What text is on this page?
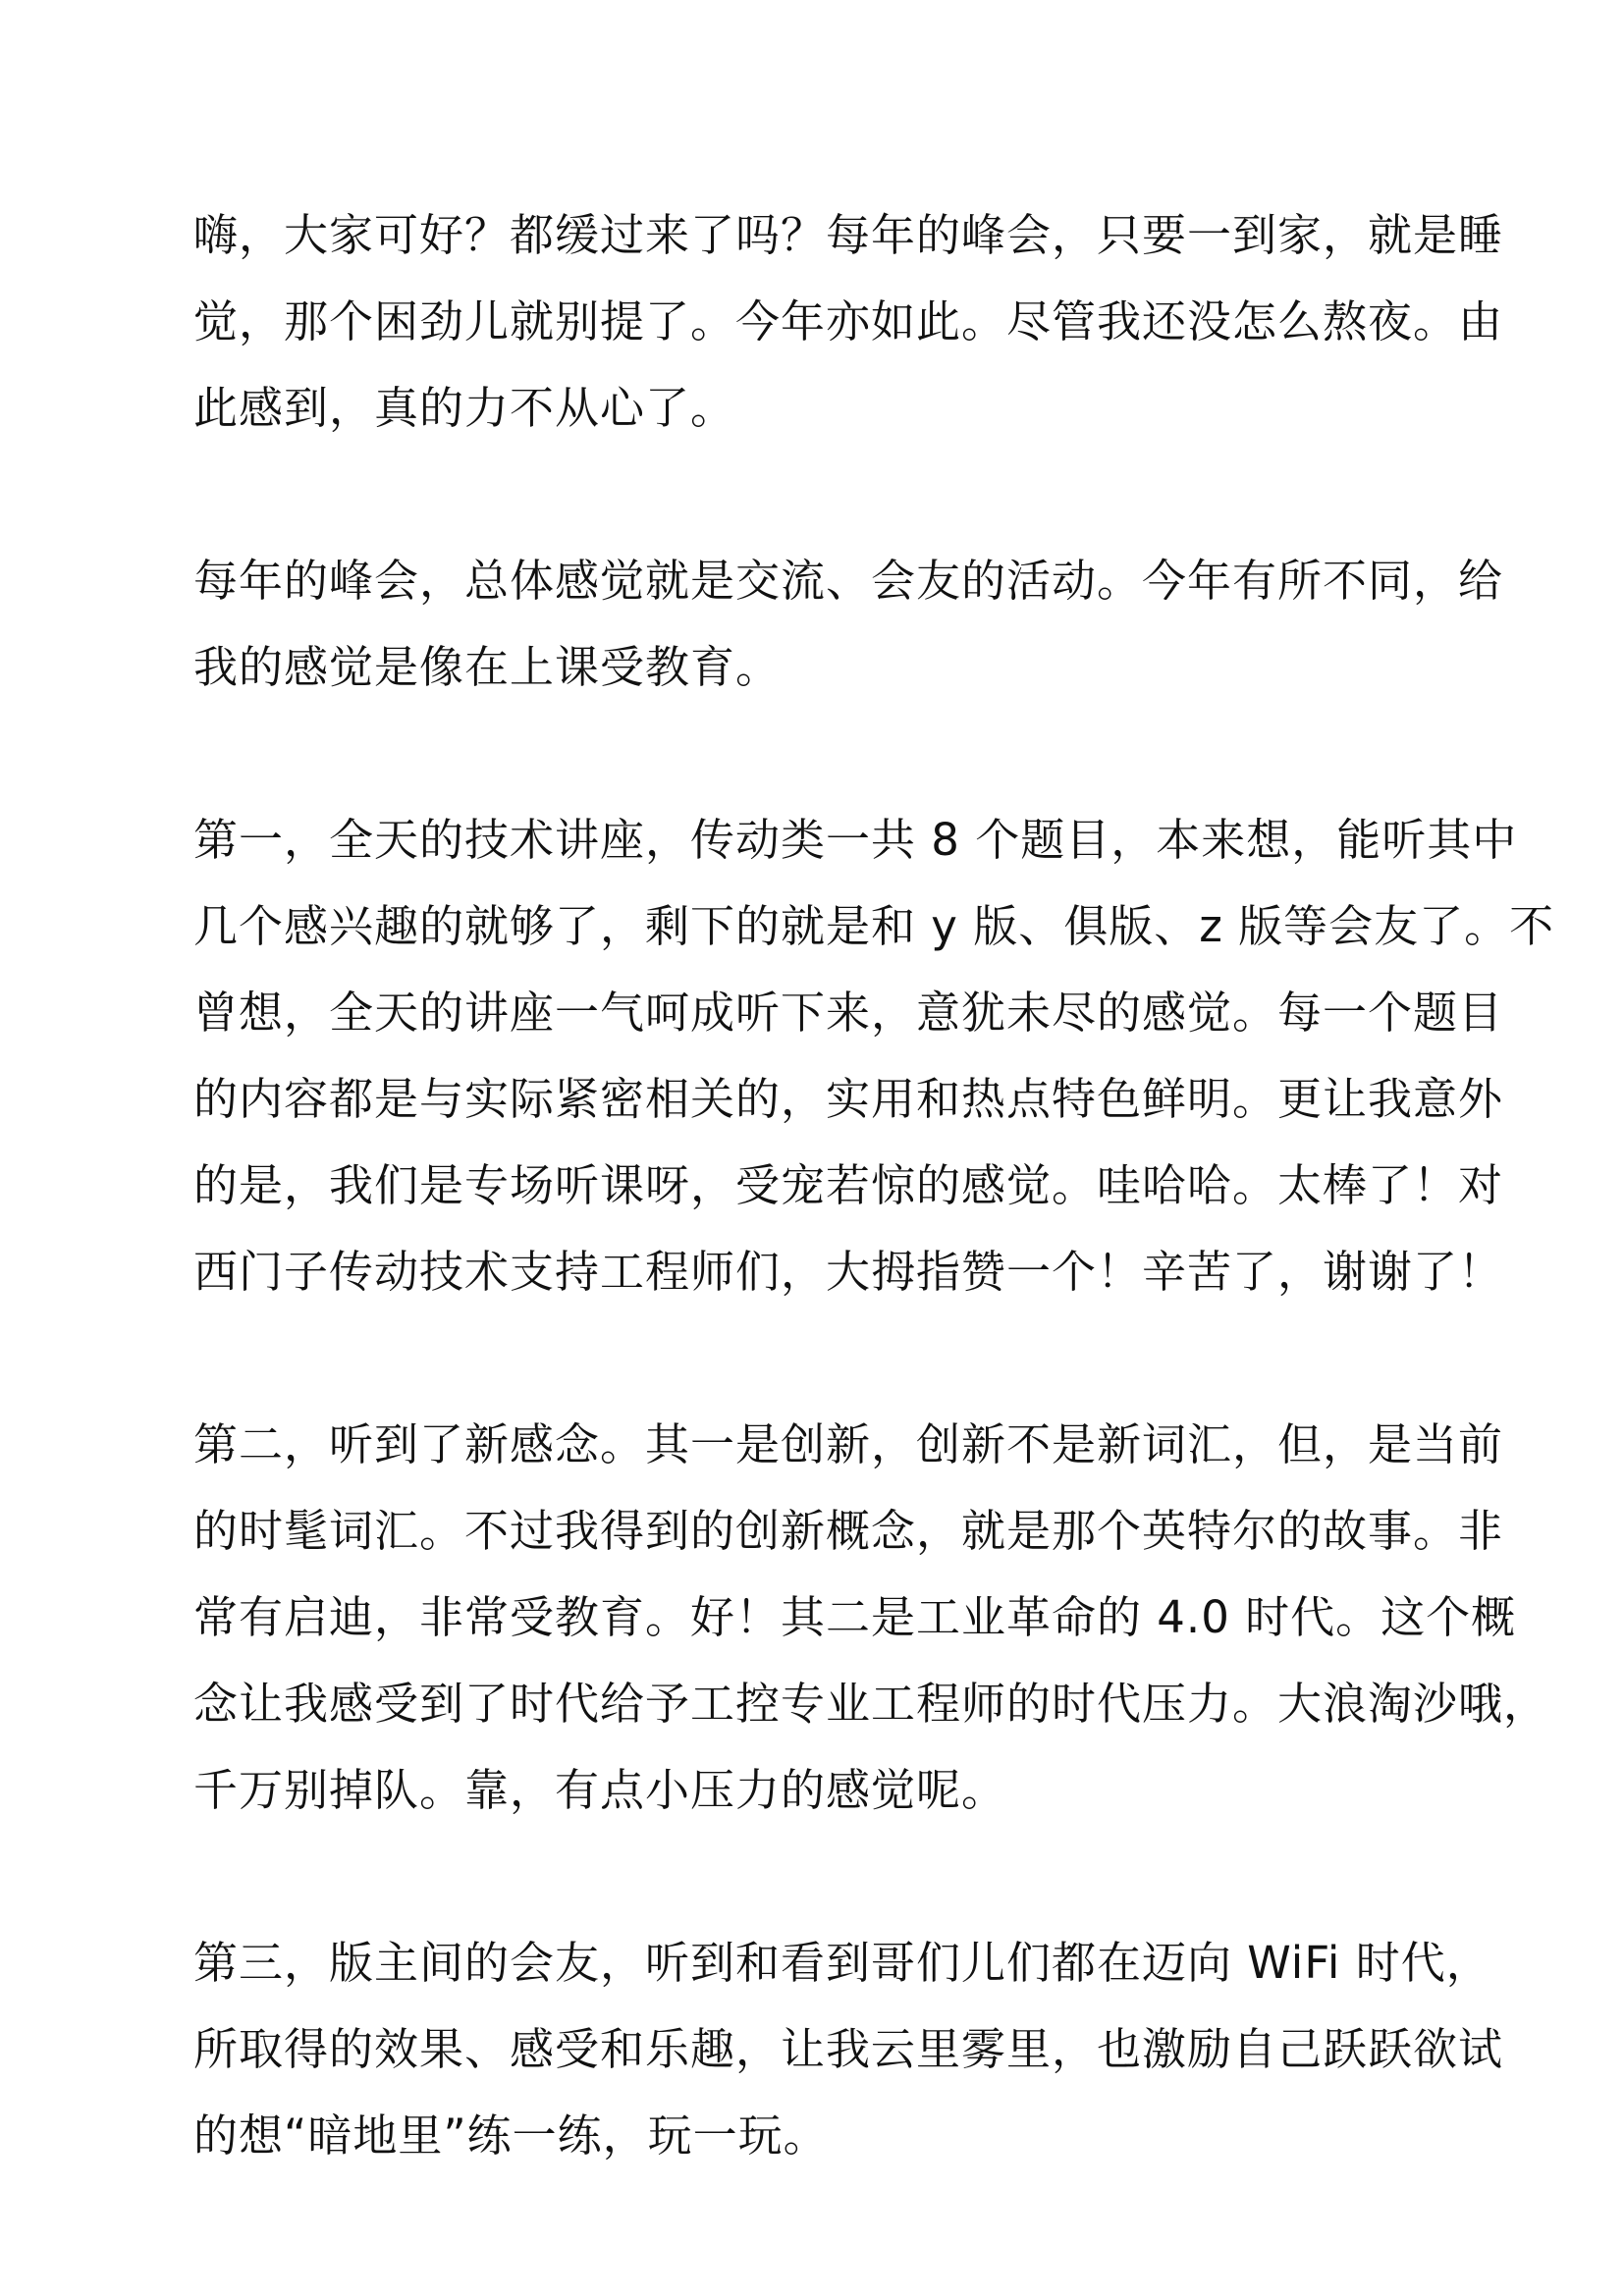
嗨，大家可好？都缓过来了吗？每年的峰会，只要一到家，就是睡
觉，那个困劲儿就别提了。今年亦如此。尽管我还没怎么熬夜。由
此感到，真的力不从心了。
每年的峰会，总体感觉就是交流、会友的活动。今年有所不同，给
我的感觉是像在上课受教育。
第一，全天的技术讲座，传动类一共 8 个题目，本来想，能听其中
几个感兴趣的就够了，剩下的就是和 y 版、俱版、z 版等会友了。不
曾想，全天的讲座一气呵成听下来，意犹未尽的感觉。每一个题目
的内容都是与实际紧密相关的，实用和热点特色鲜明。更让我意外
的是，我们是专场听课呀，受宠若惊的感觉。哇哈哈。太棒了！对
西门子传动技术支持工程师们，大拇指赞一个！辛苦了，谢谢了！
第二，听到了新感念。其一是创新，创新不是新词汇，但，是当前
的时髦词汇。不过我得到的创新概念，就是那个英特尔的故事。非
常有启迪，非常受教育。好！其二是工业革命的 4.0 时代。这个概
念让我感受到了时代给予工控专业工程师的时代压力。大浪淘沙哦，
千万别掉队。靠，有点小压力的感觉呢。
第三，版主间的会友，听到和看到哥们儿们都在迈向 WiFi 时代，
所取得的效果、感受和乐趣，让我云里雾里，也激励自己跃跃欲试
的想“暗地里”练一练，玩一玩。
